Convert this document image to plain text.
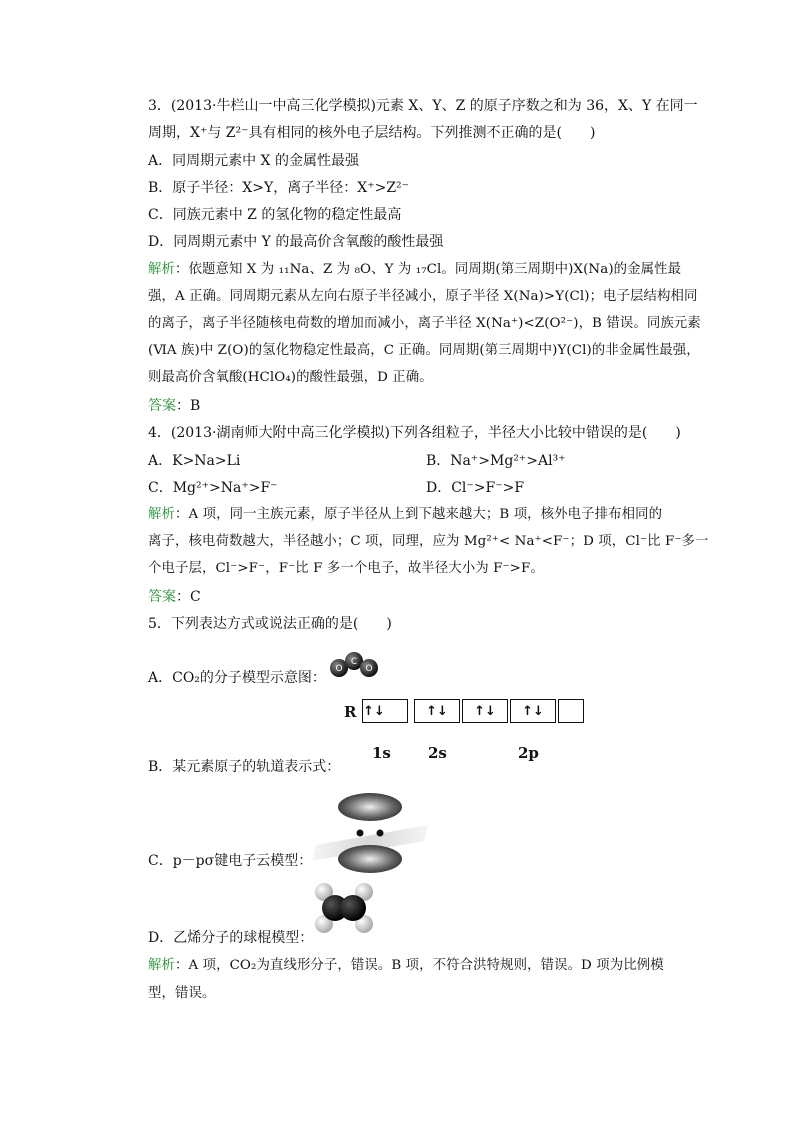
3．(2013·牛栏山一中高三化学模拟)元素 X、Y、Z 的原子序数之和为 36，X、Y 在同一
周期，X⁺与 Z²⁻具有相同的核外电子层结构。下列推测不正确的是(　　)
A．同周期元素中 X 的金属性最强
B．原子半径：X>Y，离子半径：X⁺>Z²⁻
C．同族元素中 Z 的氢化物的稳定性最高
D．同周期元素中 Y 的最高价含氧酸的酸性最强
解析：依题意知 X 为 ₁₁Na、Z 为 ₈O、Y 为 ₁₇Cl。同周期(第三周期中)X(Na)的金属性最
强，A 正确。同周期元素从左向右原子半径减小，原子半径 X(Na)>Y(Cl)；电子层结构相同
的离子，离子半径随核电荷数的增加而减小，离子半径 X(Na⁺)<Z(O²⁻)，B 错误。同族元素
(ⅥA 族)中 Z(O)的氢化物稳定性最高，C 正确。同周期(第三周期中)Y(Cl)的非金属性最强，
则最高价含氧酸(HClO₄)的酸性最强，D 正确。
答案：B
4．(2013·湖南师大附中高三化学模拟)下列各组粒子，半径大小比较中错误的是(　　)
A．K>Na>Li	B．Na⁺>Mg²⁺>Al³⁺
C．Mg²⁺>Na⁺>F⁻	D．Cl⁻>F⁻>F
解析：A 项，同一主族元素，原子半径从上到下越来越大；B 项，核外电子排布相同的
离子，核电荷数越大，半径越小；C 项，同理，应为 Mg²⁺< Na⁺<F⁻；D 项，Cl⁻比 F⁻多一
个电子层，Cl⁻>F⁻，F⁻比 F 多一个电子，故半径大小为 F⁻>F。
答案：C
5．下列表达方式或说法正确的是(　　)
A．CO₂的分子模型示意图：
O
C
O
R ↑↓	↑↓	↑↓	↑↓
1s 2s	2p
B．某元素原子的轨道表示式：
C．p－pσ键电子云模型：
D．乙烯分子的球棍模型：
解析：A 项，CO₂为直线形分子，错误。B 项，不符合洪特规则，错误。D 项为比例模
型，错误。
